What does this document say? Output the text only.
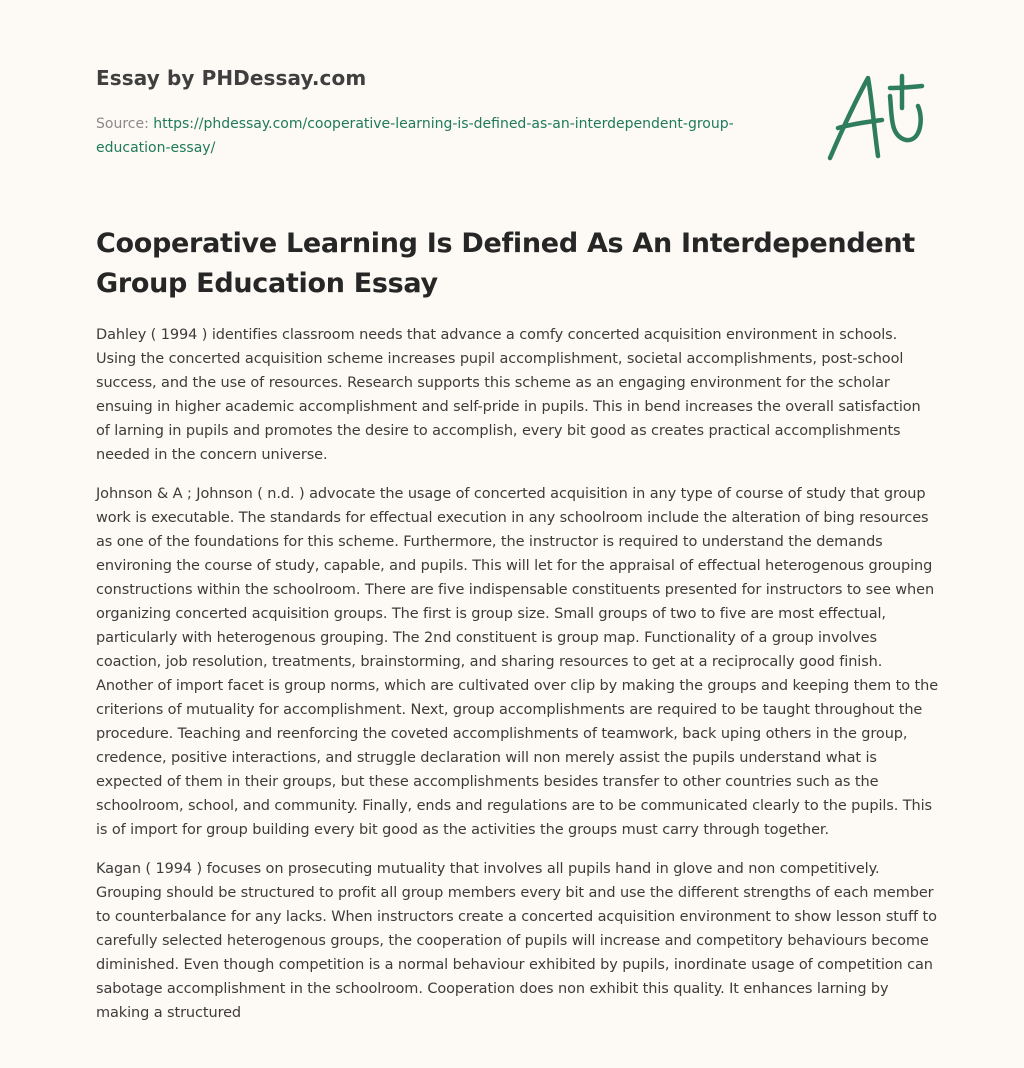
Essay by PHDessay.com
Source: https://phdessay.com/cooperative-learning-is-defined-as-an-interdependent-group-education-essay/
Cooperative Learning Is Defined As An Interdependent Group Education Essay

Dahley ( 1994 ) identifies classroom needs that advance a comfy concerted acquisition environment in schools. Using the concerted acquisition scheme increases pupil accomplishment, societal accomplishments, post-school success, and the use of resources. Research supports this scheme as an engaging environment for the scholar ensuing in higher academic accomplishment and self-pride in pupils. This in bend increases the overall satisfaction of larning in pupils and promotes the desire to accomplish, every bit good as creates practical accomplishments needed in the concern universe.

Johnson & A ; Johnson ( n.d. ) advocate the usage of concerted acquisition in any type of course of study that group work is executable. The standards for effectual execution in any schoolroom include the alteration of bing resources as one of the foundations for this scheme. Furthermore, the instructor is required to understand the demands environing the course of study, capable, and pupils. This will let for the appraisal of effectual heterogenous grouping constructions within the schoolroom. There are five indispensable constituents presented for instructors to see when organizing concerted acquisition groups. The first is group size. Small groups of two to five are most effectual, particularly with heterogenous grouping. The 2nd constituent is group map. Functionality of a group involves coaction, job resolution, treatments, brainstorming, and sharing resources to get at a reciprocally good finish. Another of import facet is group norms, which are cultivated over clip by making the groups and keeping them to the criterions of mutuality for accomplishment. Next, group accomplishments are required to be taught throughout the procedure. Teaching and reenforcing the coveted accomplishments of teamwork, back uping others in the group, credence, positive interactions, and struggle declaration will non merely assist the pupils understand what is expected of them in their groups, but these accomplishments besides transfer to other countries such as the schoolroom, school, and community. Finally, ends and regulations are to be communicated clearly to the pupils. This is of import for group building every bit good as the activities the groups must carry through together.

Kagan ( 1994 ) focuses on prosecuting mutuality that involves all pupils hand in glove and non competitively. Grouping should be structured to profit all group members every bit and use the different strengths of each member to counterbalance for any lacks. When instructors create a concerted acquisition environment to show lesson stuff to carefully selected heterogenous groups, the cooperation of pupils will increase and competitory behaviours become diminished. Even though competition is a normal behaviour exhibited by pupils, inordinate usage of competition can sabotage accomplishment in the schoolroom. Cooperation does non exhibit this quality. It enhances larning by making a structured
